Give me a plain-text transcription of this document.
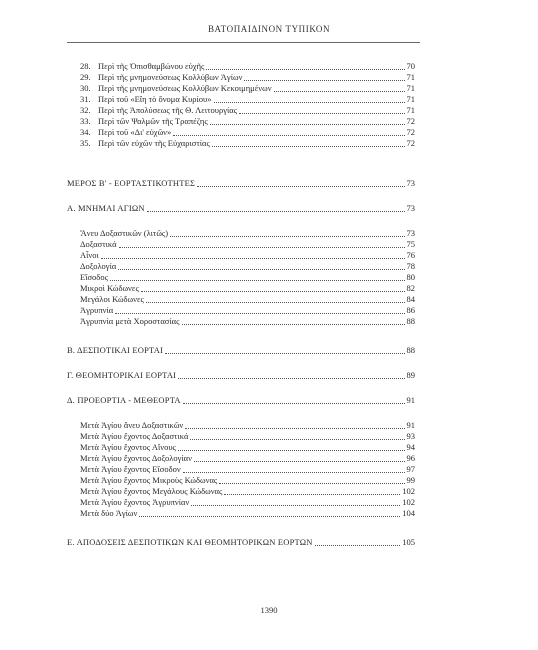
ΒΑΤΟΠΑΙΔΙΝΟΝ ΤΥΠΙΚΟΝ
28. Περὶ τῆς Ὀπισθαμβώνου εὐχῆς	70
29. Περὶ τῆς μνημονεύσεως Κολλύβων Ἁγίων	71
30. Περὶ τῆς μνημονεύσεως Κολλύβων Κεκοιμημένων	71
31. Περὶ τοῦ «Εἴη τὸ ὄνομα Κυρίου»	71
32. Περὶ τῆς Ἀπολύσεως τῆς Θ. Λειτουργίας	71
33. Περὶ τῶν Ψαλμῶν τῆς Τραπέζης	72
34. Περὶ τοῦ «Δι' εὐχῶν»	72
35. Περὶ τῶν εὐχῶν τῆς Εὐχαριστίας	72
ΜΕΡΟΣ Β' - ΕΟΡΤΑΣΤΙΚΟΤΗΤΕΣ	73
Α. ΜΝΗΜΑΙ ΑΓΙΩΝ	73
Ἄνευ Δοξαστικῶν (λιτῶς)	73
Δοξαστικά	75
Αἶνοι	76
Δοξολογία	78
Εἴσοδος	80
Μικροὶ Κώδωνες	82
Μεγάλοι Κώδωνες	84
Ἀγρυπνία	86
Ἀγρυπνία μετὰ Χοροστασίας	88
Β. ΔΕΣΠΟΤΙΚΑΙ ΕΟΡΤΑΙ	88
Γ. ΘΕΟΜΗΤΟΡΙΚΑΙ ΕΟΡΤΑΙ	89
Δ. ΠΡΟΕΟΡΤΙΑ - ΜΕΘΕΟΡΤΑ	91
Μετὰ Ἁγίου ἄνευ Δοξαστικῶν	91
Μετὰ Ἁγίου ἔχοντος Δοξαστικά	93
Μετὰ Ἁγίου ἔχοντος Αἴνους	94
Μετὰ Ἁγίου ἔχοντος Δοξολογίαν	96
Μετὰ Ἁγίου ἔχοντος Εἴσοδον	97
Μετὰ Ἁγίου ἔχοντος Μικροὺς Κώδωνας	99
Μετὰ Ἁγίου ἔχοντος Μεγάλους Κώδωνας	102
Μετὰ Ἁγίου ἔχοντος Ἀγρυπνίαν	102
Μετὰ δύο Ἁγίων	104
Ε. ΑΠΟΔΟΣΕΙΣ ΔΕΣΠΟΤΙΚΩΝ ΚΑΙ ΘΕΟΜΗΤΟΡΙΚΩΝ ΕΟΡΤΩΝ	105
1390
